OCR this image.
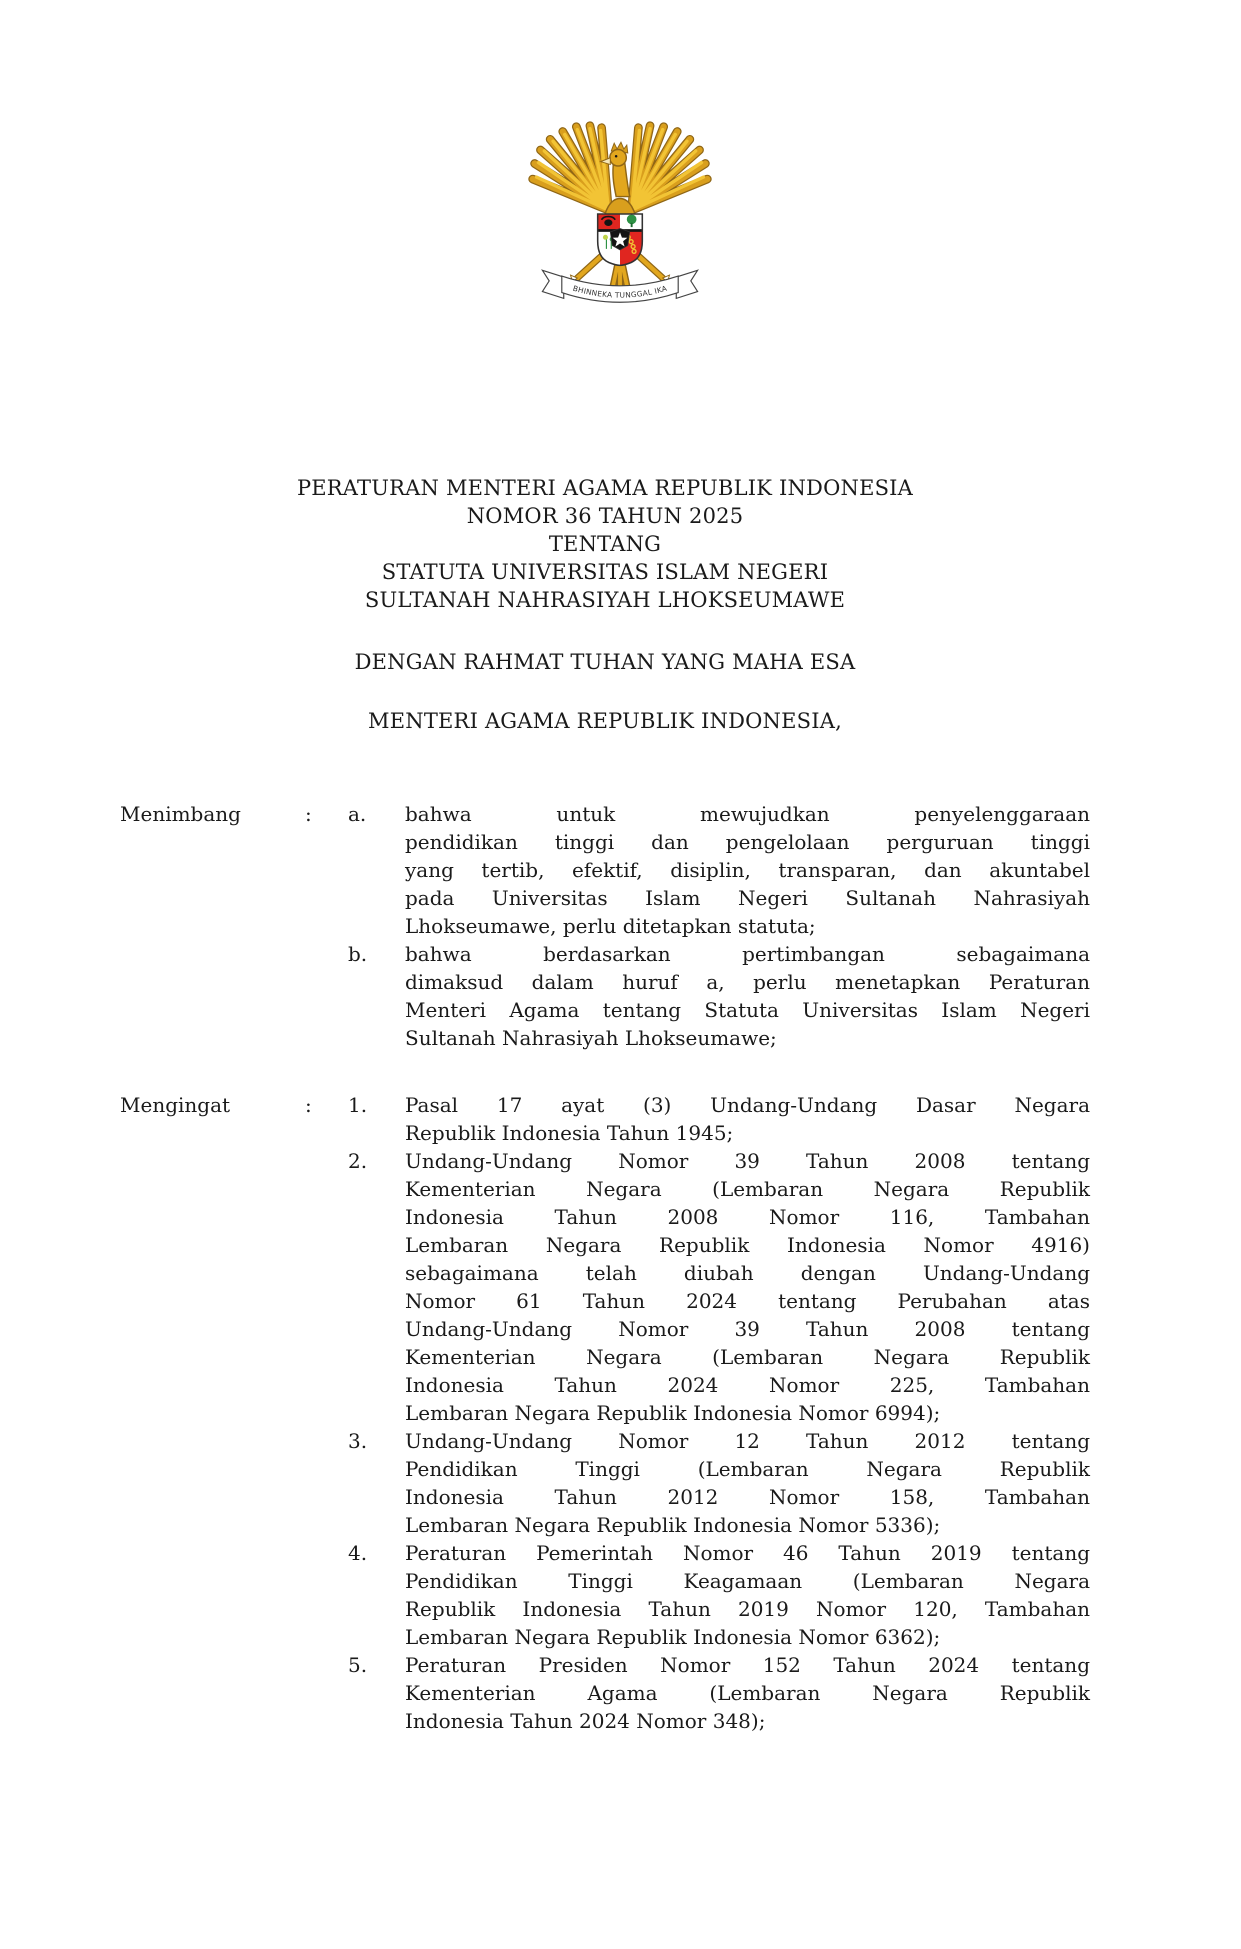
BHINNEKA TUNGGAL IKA
PERATURAN MENTERI AGAMA REPUBLIK INDONESIA
NOMOR 36 TAHUN 2025
TENTANG
STATUTA UNIVERSITAS ISLAM NEGERI
SULTANAH NAHRASIYAH LHOKSEUMAWE
DENGAN RAHMAT TUHAN YANG MAHA ESA
MENTERI AGAMA REPUBLIK INDONESIA,
Menimbang	:	a.	bahwa untuk mewujudkan penyelenggaraan
pendidikan tinggi dan pengelolaan perguruan tinggi
yang tertib, efektif, disiplin, transparan, dan akuntabel
pada Universitas Islam Negeri Sultanah Nahrasiyah
Lhokseumawe, perlu ditetapkan statuta;
b.	bahwa berdasarkan pertimbangan sebagaimana
dimaksud dalam huruf a, perlu menetapkan Peraturan
Menteri Agama tentang Statuta Universitas Islam Negeri
Sultanah Nahrasiyah Lhokseumawe;
Mengingat	:	1.	Pasal 17 ayat (3) Undang-Undang Dasar Negara
Republik Indonesia Tahun 1945;
2.	Undang-Undang Nomor 39 Tahun 2008 tentang
Kementerian Negara (Lembaran Negara Republik
Indonesia Tahun 2008 Nomor 116, Tambahan
Lembaran Negara Republik Indonesia Nomor 4916)
sebagaimana telah diubah dengan Undang-Undang
Nomor 61 Tahun 2024 tentang Perubahan atas
Undang-Undang Nomor 39 Tahun 2008 tentang
Kementerian Negara (Lembaran Negara Republik
Indonesia Tahun 2024 Nomor 225, Tambahan
Lembaran Negara Republik Indonesia Nomor 6994);
3.	Undang-Undang Nomor 12 Tahun 2012 tentang
Pendidikan Tinggi (Lembaran Negara Republik
Indonesia Tahun 2012 Nomor 158, Tambahan
Lembaran Negara Republik Indonesia Nomor 5336);
4.	Peraturan Pemerintah Nomor 46 Tahun 2019 tentang
Pendidikan Tinggi Keagamaan (Lembaran Negara
Republik Indonesia Tahun 2019 Nomor 120, Tambahan
Lembaran Negara Republik Indonesia Nomor 6362);
5.	Peraturan Presiden Nomor 152 Tahun 2024 tentang
Kementerian Agama (Lembaran Negara Republik
Indonesia Tahun 2024 Nomor 348);
